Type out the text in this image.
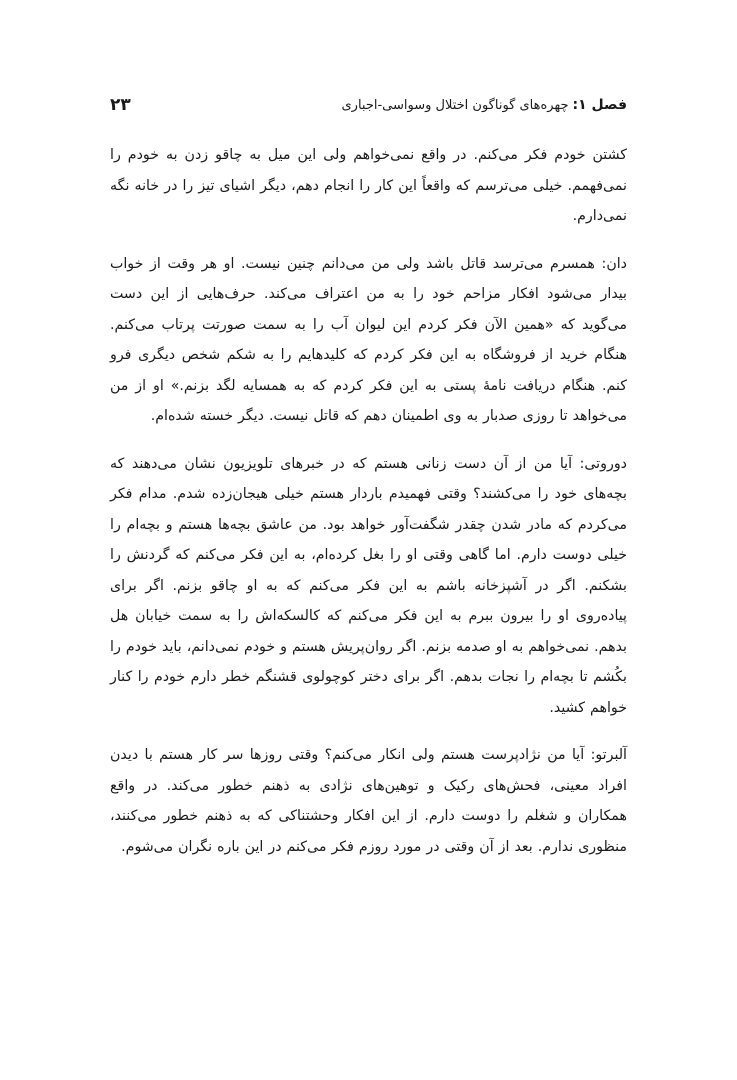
فصل ۱:
چهره‌های گوناگون اختلال وسواسی-اجباری
۲۳

کشتن خودم فکر می‌کنم. در واقع نمی‌خواهم ولی این میل به چاقو زدن به خودم را نمی‌فهمم. خیلی می‌ترسم که واقعاً این کار را انجام دهم، دیگر اشیای تیز را در خانه نگه نمی‌دارم.

دان: همسرم می‌ترسد قاتل باشد ولی من می‌دانم چنین نیست. او هر وقت از خواب بیدار می‌شود افکار مزاحم خود را به من اعتراف می‌کند. حرف‌هایی از این دست می‌گوید که «همین الآن فکر کردم این لیوان آب را به سمت صورتت پرتاب می‌کنم. هنگام خرید از فروشگاه به این فکر کردم که کلیدهایم را به شکم شخص دیگری فرو کنم. هنگام دریافت نامهٔ پستی به این فکر کردم که به همسایه لگد بزنم.» او از من می‌خواهد تا روزی صدبار به وی اطمینان دهم که قاتل نیست. دیگر خسته شده‌ام.

دوروتی: آیا من از آن دست زنانی هستم که در خبرهای تلویزیون نشان می‌دهند که بچه‌های خود را می‌کشند؟ وقتی فهمیدم باردار هستم خیلی هیجان‌زده شدم. مدام فکر می‌کردم که مادر شدن چقدر شگفت‌آور خواهد بود. من عاشق بچه‌ها هستم و بچه‌ام را خیلی دوست دارم. اما گاهی وقتی او را بغل کرده‌ام، به این فکر می‌کنم که گردنش را بشکنم. اگر در آشپزخانه باشم به این فکر می‌کنم که به او چاقو بزنم. اگر برای پیاده‌روی او را بیرون ببرم به این فکر می‌کنم که کالسکه‌اش را به سمت خیابان هل بدهم. نمی‌خواهم به او صدمه بزنم. اگر روان‌پریش هستم و خودم نمی‌دانم، باید خودم را بکُشم تا بچه‌ام را نجات بدهم. اگر برای دختر کوچولوی قشنگم خطر دارم خودم را کنار خواهم کشید.

آلبرتو: آیا من نژادپرست هستم ولی انکار می‌کنم؟ وقتی روزها سر کار هستم با دیدن افراد معینی، فحش‌های رکیک و توهین‌های نژادی به ذهنم خطور می‌کند. در واقع همکاران و شغلم را دوست دارم. از این افکار وحشتناکی که به ذهنم خطور می‌کنند، منظوری ندارم. بعد از آن وقتی در مورد روزم فکر می‌کنم در این باره نگران می‌شوم.
